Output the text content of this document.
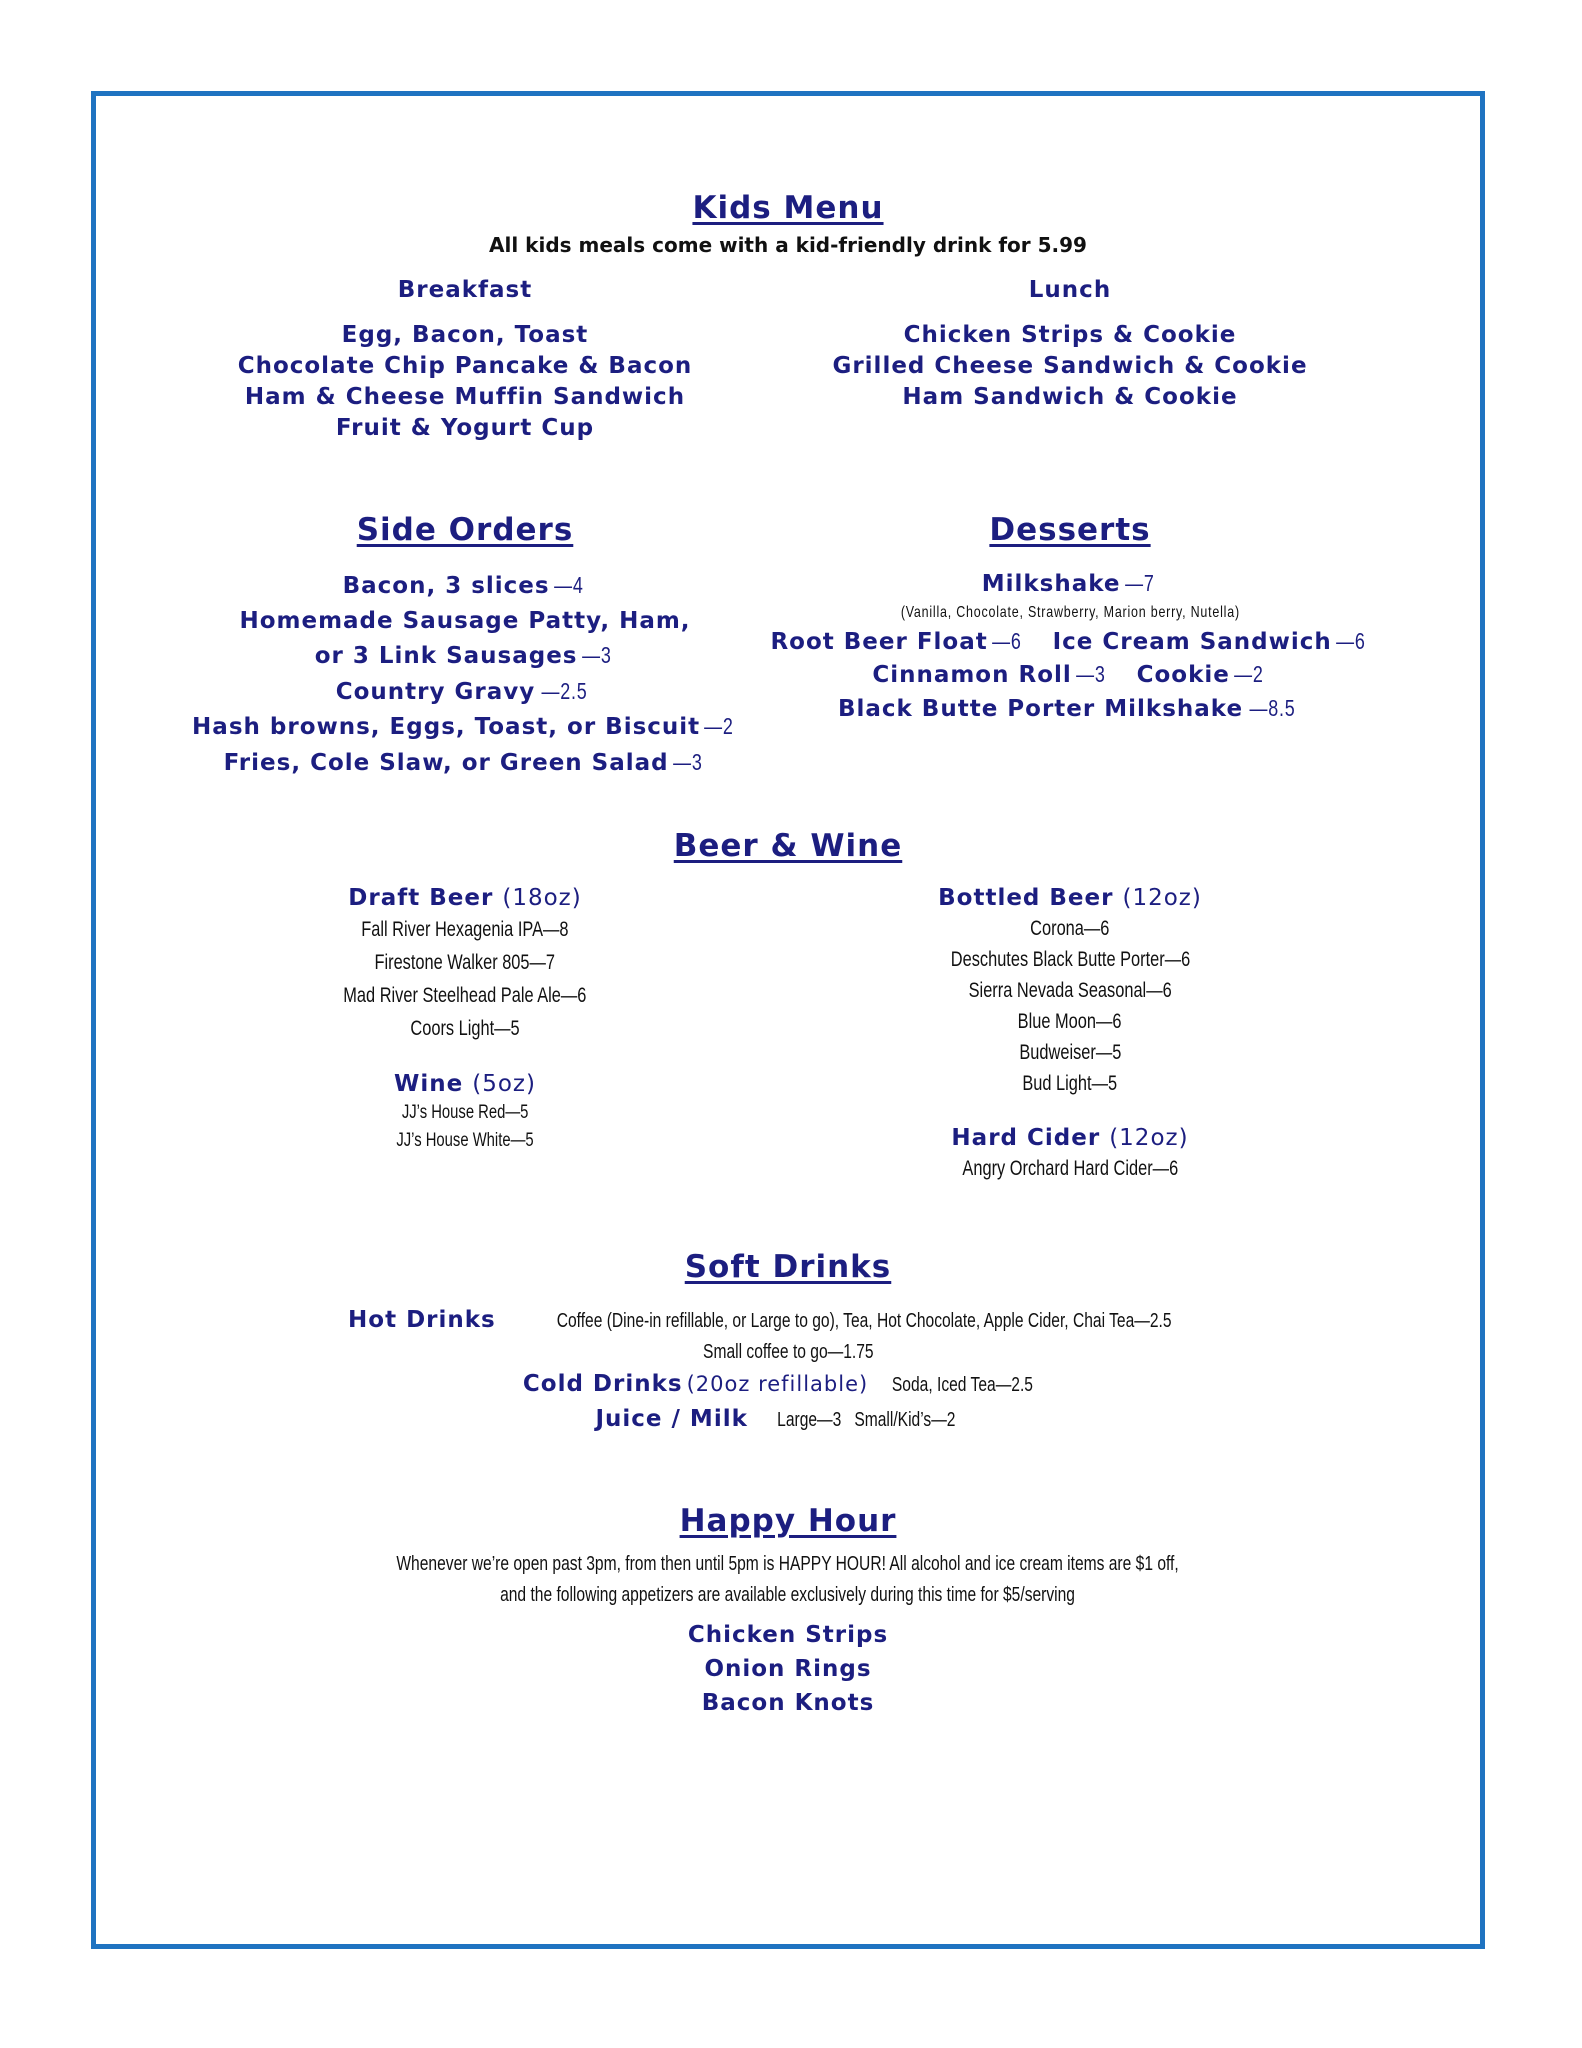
Kids Menu
All kids meals come with a kid-friendly drink for 5.99
Breakfast
Egg, Bacon, Toast
Chocolate Chip Pancake & Bacon
Ham & Cheese Muffin Sandwich
Fruit & Yogurt Cup
Lunch
Chicken Strips & Cookie
Grilled Cheese Sandwich & Cookie
Ham Sandwich & Cookie
Side Orders
Bacon, 3 slices —4
Homemade Sausage Patty, Ham,
or 3 Link Sausages —3
Country Gravy —2.5
Hash browns, Eggs, Toast, or Biscuit —2
Fries, Cole Slaw, or Green Salad —3
Desserts
Milkshake —7
(Vanilla, Chocolate, Strawberry, Marion berry, Nutella)
Root Beer Float —6 Ice Cream Sandwich —6
Cinnamon Roll —3 Cookie —2
Black Butte Porter Milkshake —8.5
Beer & Wine
Draft Beer (18oz)
Fall River Hexagenia IPA—8
Firestone Walker 805—7
Mad River Steelhead Pale Ale—6
Coors Light—5
Wine (5oz)
JJ’s House Red—5
JJ’s House White—5
Bottled Beer (12oz)
Corona—6
Deschutes Black Butte Porter—6
Sierra Nevada Seasonal—6
Blue Moon—6
Budweiser—5
Bud Light—5
Hard Cider (12oz)
Angry Orchard Hard Cider—6
Soft Drinks
Hot Drinks	Coffee (Dine-in refillable, or Large to go), Tea, Hot Chocolate, Apple Cider, Chai Tea—2.5
Small coffee to go—1.75
Cold Drinks (20oz refillable) Soda, Iced Tea—2.5
Juice / Milk Large—3   Small/Kid’s—2
Happy Hour
Whenever we’re open past 3pm, from then until 5pm is HAPPY HOUR! All alcohol and ice cream items are $1 off,
and the following appetizers are available exclusively during this time for $5/serving
Chicken Strips
Onion Rings
Bacon Knots
